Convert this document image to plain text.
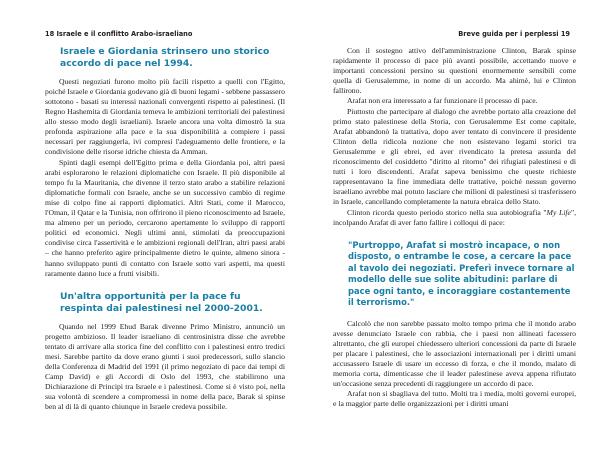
18 Israele e il conflitto Arabo-israeliano
Israele e Giordania strinsero uno storico accordo di pace nel 1994.

Questi negoziati furono molto più facili rispetto a quelli con l'Egitto, poiché Israele e Giordania godevano già di buoni legami - sebbene passassero sottotono - basati su interessi nazionali convergenti rispetto ai palestinesi. (Il Regno Hashemita di Giordania temeva le ambizioni territoriali dei palestinesi allo stesso modo degli israeliani). Israele ancora una volta dimostrò la sua profonda aspirazione alla pace e la sua disponibilità a compiere i passi necessari per raggiungerla, ivi compresi l'adeguamento delle frontiere, e la condivisione delle risorse idriche chiesta da Amman.

Spinti dagli esempi dell'Egitto prima e della Giordania poi, altri paesi arabi esplorarono le relazioni diplomatiche con Israele. Il più disponibile al tempo fu la Mauritania, che divenne il terzo stato arabo a stabilire relazioni diplomatiche formali con Israele, anche se un successivo cambio di regime mise di colpo fine ai rapporti diplomatici. Altri Stati, come il Marocco, l'Oman, il Qatar e la Tunisia, non offrirono il pieno riconoscimento ad Israele, ma almeno per un periodo, cercarono apertamente lo sviluppo di rapporti politici ed economici. Negli ultimi anni, stimolati da preoccupazioni condivise circa l'assertività e le ambizioni regionali dell'Iran, altri paesi arabi – che hanno preferito agire principalmente dietro le quinte, almeno sinora - hanno sviluppato punti di contatto con Israele sotto vari aspetti, ma questi raramente danno luce a frutti visibili.

Un'altra opportunità per la pace fu respinta dai palestinesi nel 2000-2001.

Quando nel 1999 Ehud Barak divenne Primo Ministro, annunciò un progetto ambizioso. Il leader israeliano di centrosinistra disse che avrebbe tentato di arrivare alla storica fine del conflitto con i palestinesi entro tredici mesi. Sarebbe partito da dove erano giunti i suoi predecessori, sullo slancio della Conferenza di Madrid del 1991 (il primo negoziato di pace dai tempi di Camp David) e gli Accordi di Oslo del 1993, che stabilirono una Dichiarazione di Principi tra Israele e i palestinesi. Come si è visto poi, nella sua volontà di scendere a compromessi in nome della pace, Barak si spinse ben al di là di quanto chiunque in Israele credeva possibile.

Breve guida per i perplessi 19

Con il sostegno attivo dell'amministrazione Clinton, Barak spinse rapidamente il processo di pace più avanti possibile, accettando nuove e importanti concessioni persino su questioni enormemente sensibili come quella di Gerusalemme, in nome di un accordo. Ma ahimè, lui e Clinton fallirono.

Arafat non era interessato a far funzionare il processo di pace.

Piuttosto che partecipare al dialogo che avrebbe portato alla creazione del primo stato palestinese della Storia, con Gerusalemme Est come capitale, Arafat abbandonò la trattativa, dopo aver tentato di convincere il presidente Clinton della ridicola nozione che non esistevano legami storici tra Gerusalemme e gli ebrei, ed aver rivendicato la pretesa assurda del riconoscimento del cosiddetto "diritto al ritorno" dei rifugiati palestinesi e di tutti i loro discendenti. Arafat sapeva benissimo che queste richieste rappresentavano la fine immediata delle trattative, poiché nessun governo israeliano avrebbe mai potuto lasciare che milioni di palestinesi si trasferissero in Israele, cancellando completamente la natura ebraica dello Stato.

Clinton ricorda questo periodo storico nella sua autobiografia "My Life", incolpando Arafat di aver fatto fallire i colloqui di pace:

"Purtroppo, Arafat si mostrò incapace, o non disposto, o entrambe le cose, a cercare la pace al tavolo dei negoziati. Preferì invece tornare al modello delle sue solite abitudini: parlare di pace ogni tanto, e incoraggiare costantemente il terrorismo."

Calcolò che non sarebbe passato molto tempo prima che il mondo arabo avesse denunciato Israele con rabbia, che i paesi non allineati facessero altrettanto, che gli europei chiedessero ulteriori concessioni da parte di Israele per placare i palestinesi, che le associazioni internazionali per i diritti umani accusassero Israele di usare un eccesso di forza, e che il mondo, malato di memoria corta, dimenticasse che il leader palestinese aveva appena rifiutato un'occasione senza precedenti di raggiungere un accordo di pace.

Arafat non si sbagliava del tutto. Molti tra i media, molti governi europei, e la maggior parte delle organizzazioni per i diritti umani
